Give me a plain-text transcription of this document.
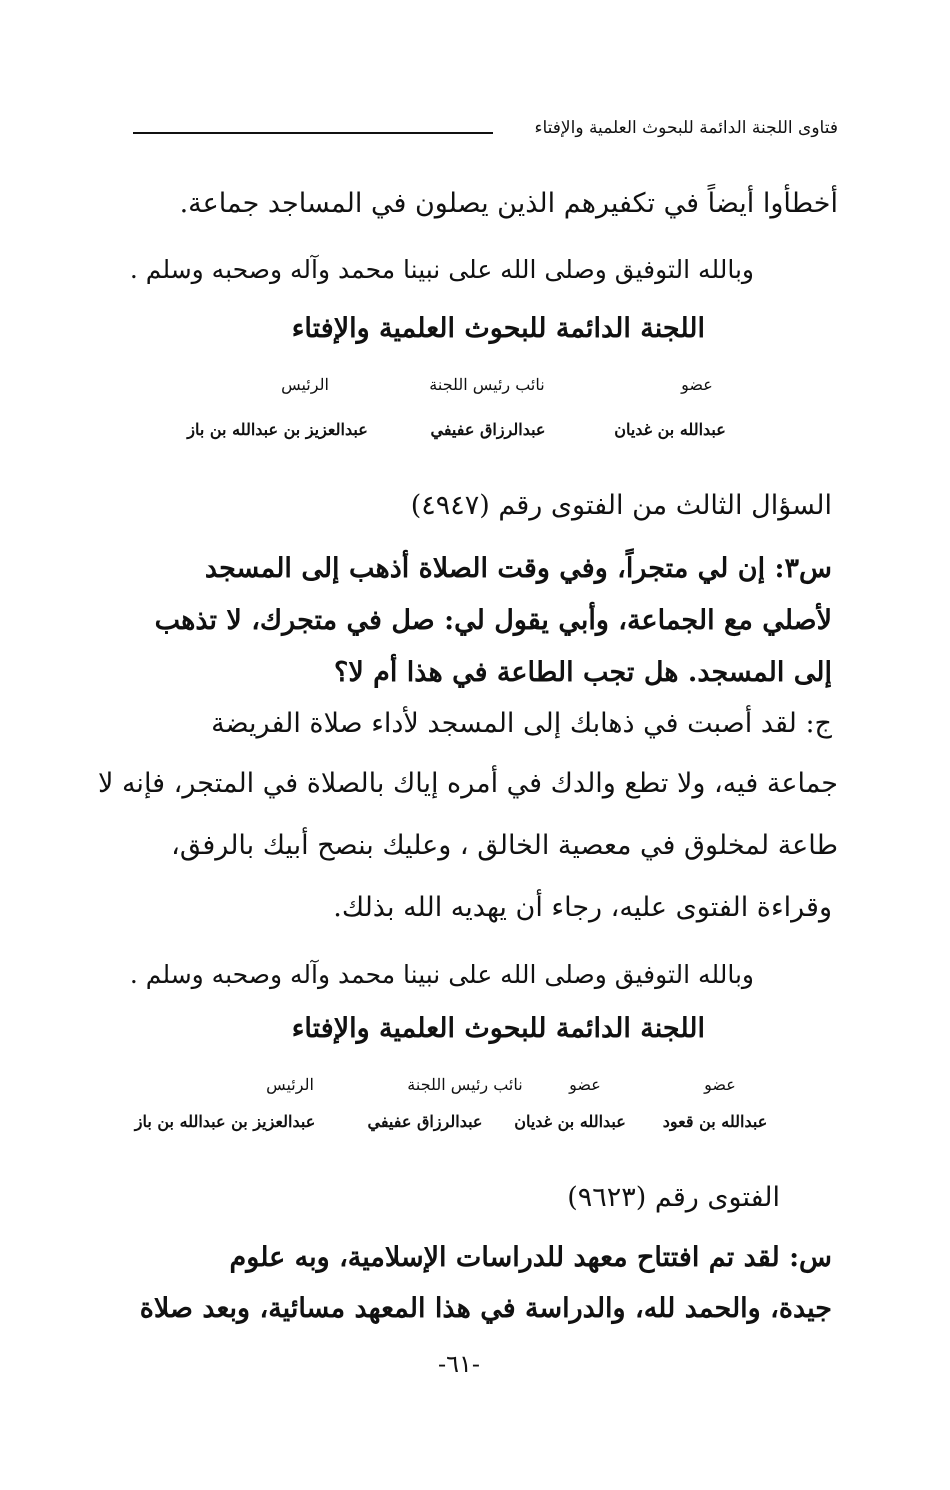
فتاوى اللجنة الدائمة للبحوث العلمية والإفتاء
أخطأوا أيضاً في تكفيرهم الذين يصلون في المساجد جماعة.
وبالله التوفيق وصلى الله على نبينا محمد وآله وصحبه وسلم .
اللجنة الدائمة للبحوث العلمية والإفتاء
عضو
نائب رئيس اللجنة
الرئيس
عبدالله بن غديان
عبدالرزاق عفيفي
عبدالعزيز بن عبدالله بن باز
السؤال الثالث من الفتوى رقم (٤٩٤٧)
س٣: إن لي متجراً، وفي وقت الصلاة أذهب إلى المسجد
لأصلي مع الجماعة، وأبي يقول لي: صل في متجرك، لا تذهب
إلى المسجد. هل تجب الطاعة في هذا أم لا؟
ج: لقد أصبت في ذهابك إلى المسجد لأداء صلاة الفريضة
جماعة فيه، ولا تطع والدك في أمره إياك بالصلاة في المتجر، فإنه لا
طاعة لمخلوق في معصية الخالق ، وعليك بنصح أبيك بالرفق،
وقراءة الفتوى عليه، رجاء أن يهديه الله بذلك.
وبالله التوفيق وصلى الله على نبينا محمد وآله وصحبه وسلم .
اللجنة الدائمة للبحوث العلمية والإفتاء
عضو
عضو
نائب رئيس اللجنة
الرئيس
عبدالله بن قعود
عبدالله بن غديان
عبدالرزاق عفيفي
عبدالعزيز بن عبدالله بن باز
الفتوى رقم (٩٦٢٣)
س: لقد تم افتتاح معهد للدراسات الإسلامية، وبه علوم
جيدة، والحمد لله، والدراسة في هذا المعهد مسائية، وبعد صلاة
-٦١-
